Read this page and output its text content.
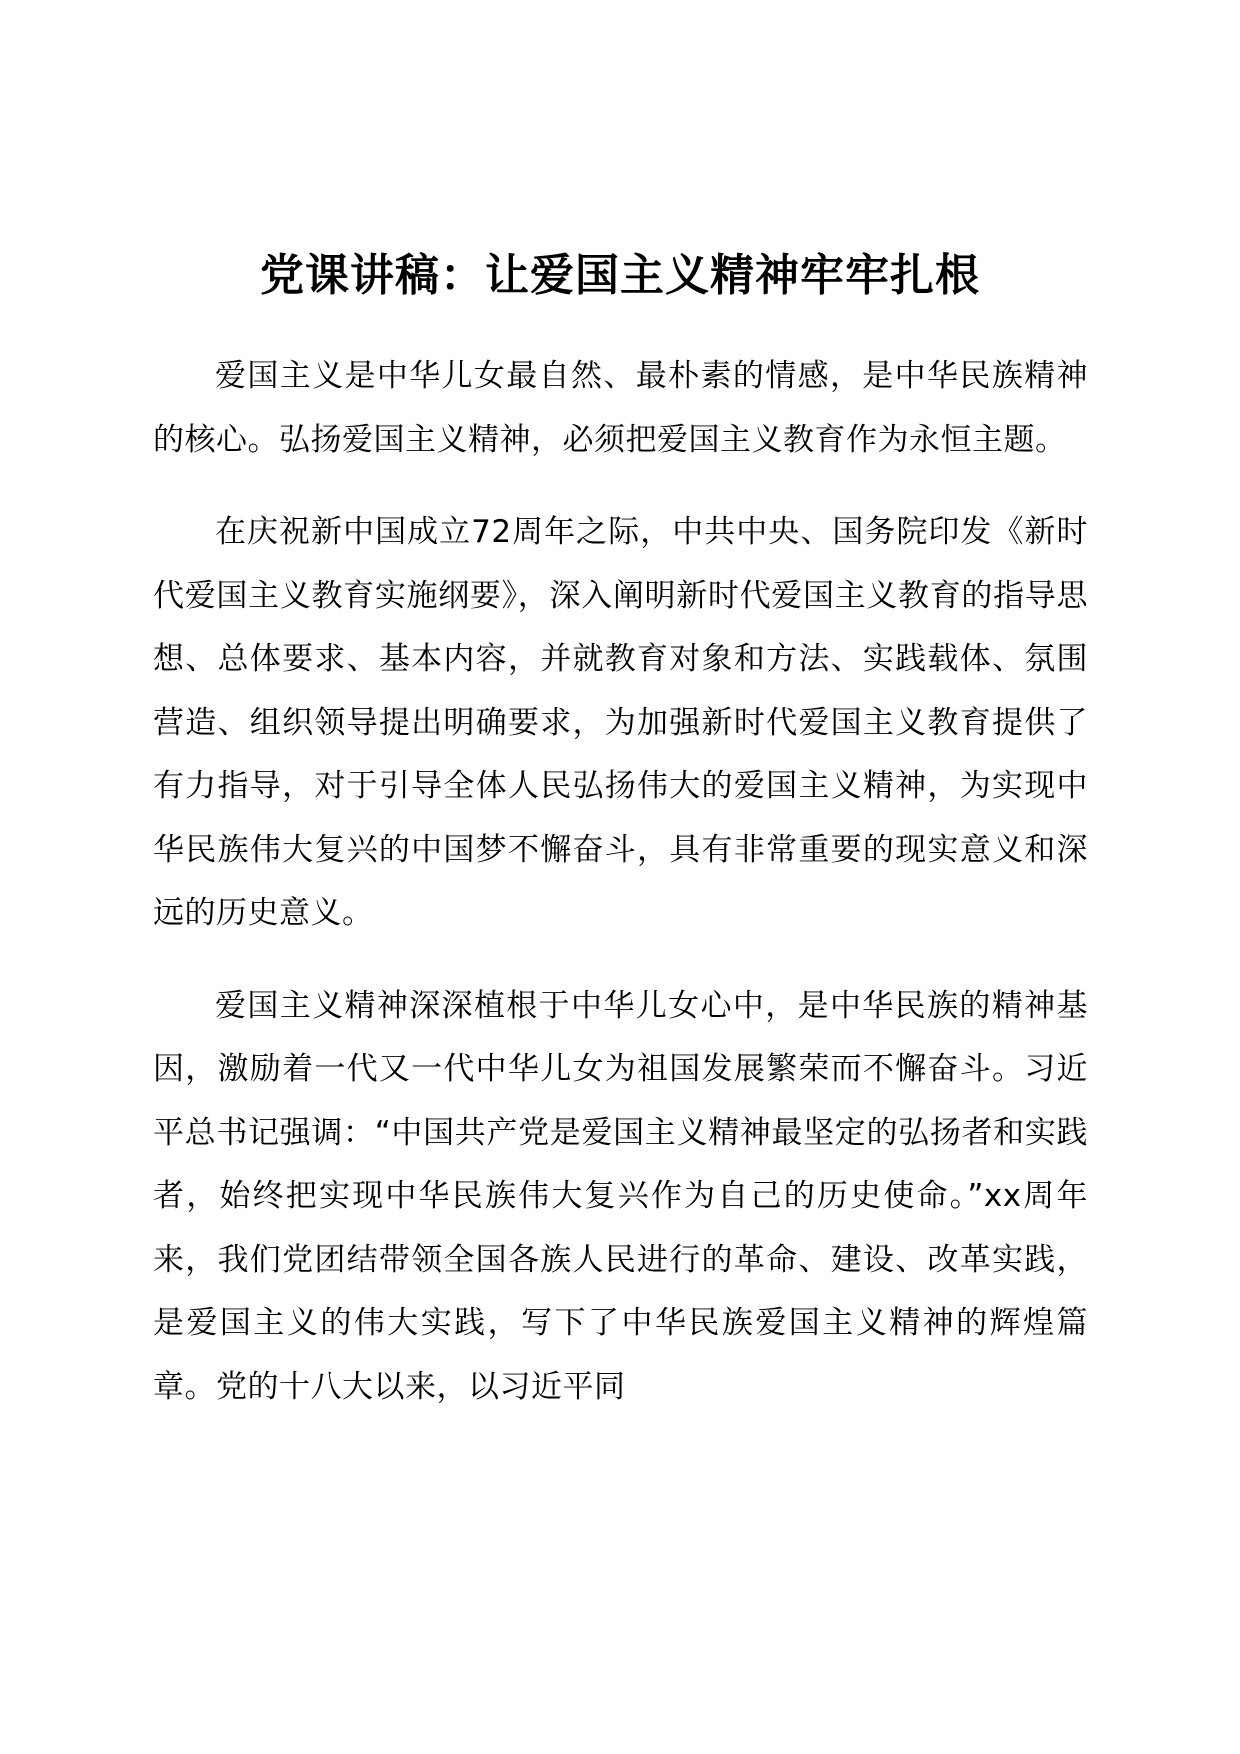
党课讲稿：让爱国主义精神牢牢扎根

爱国主义是中华儿女最自然、最朴素的情感，是中华民族精神的核心。弘扬爱国主义精神，必须把爱国主义教育作为永恒主题。

在庆祝新中国成立72周年之际，中共中央、国务院印发《新时代爱国主义教育实施纲要》，深入阐明新时代爱国主义教育的指导思想、总体要求、基本内容，并就教育对象和方法、实践载体、氛围营造、组织领导提出明确要求，为加强新时代爱国主义教育提供了有力指导，对于引导全体人民弘扬伟大的爱国主义精神，为实现中华民族伟大复兴的中国梦不懈奋斗，具有非常重要的现实意义和深远的历史意义。

爱国主义精神深深植根于中华儿女心中，是中华民族的精神基因，激励着一代又一代中华儿女为祖国发展繁荣而不懈奋斗。习近平总书记强调：“中国共产党是爱国主义精神最坚定的弘扬者和实践者，始终把实现中华民族伟大复兴作为自己的历史使命。”xx周年来，我们党团结带领全国各族人民进行的革命、建设、改革实践，是爱国主义的伟大实践，写下了中华民族爱国主义精神的辉煌篇章。党的十八大以来，以习近平同
